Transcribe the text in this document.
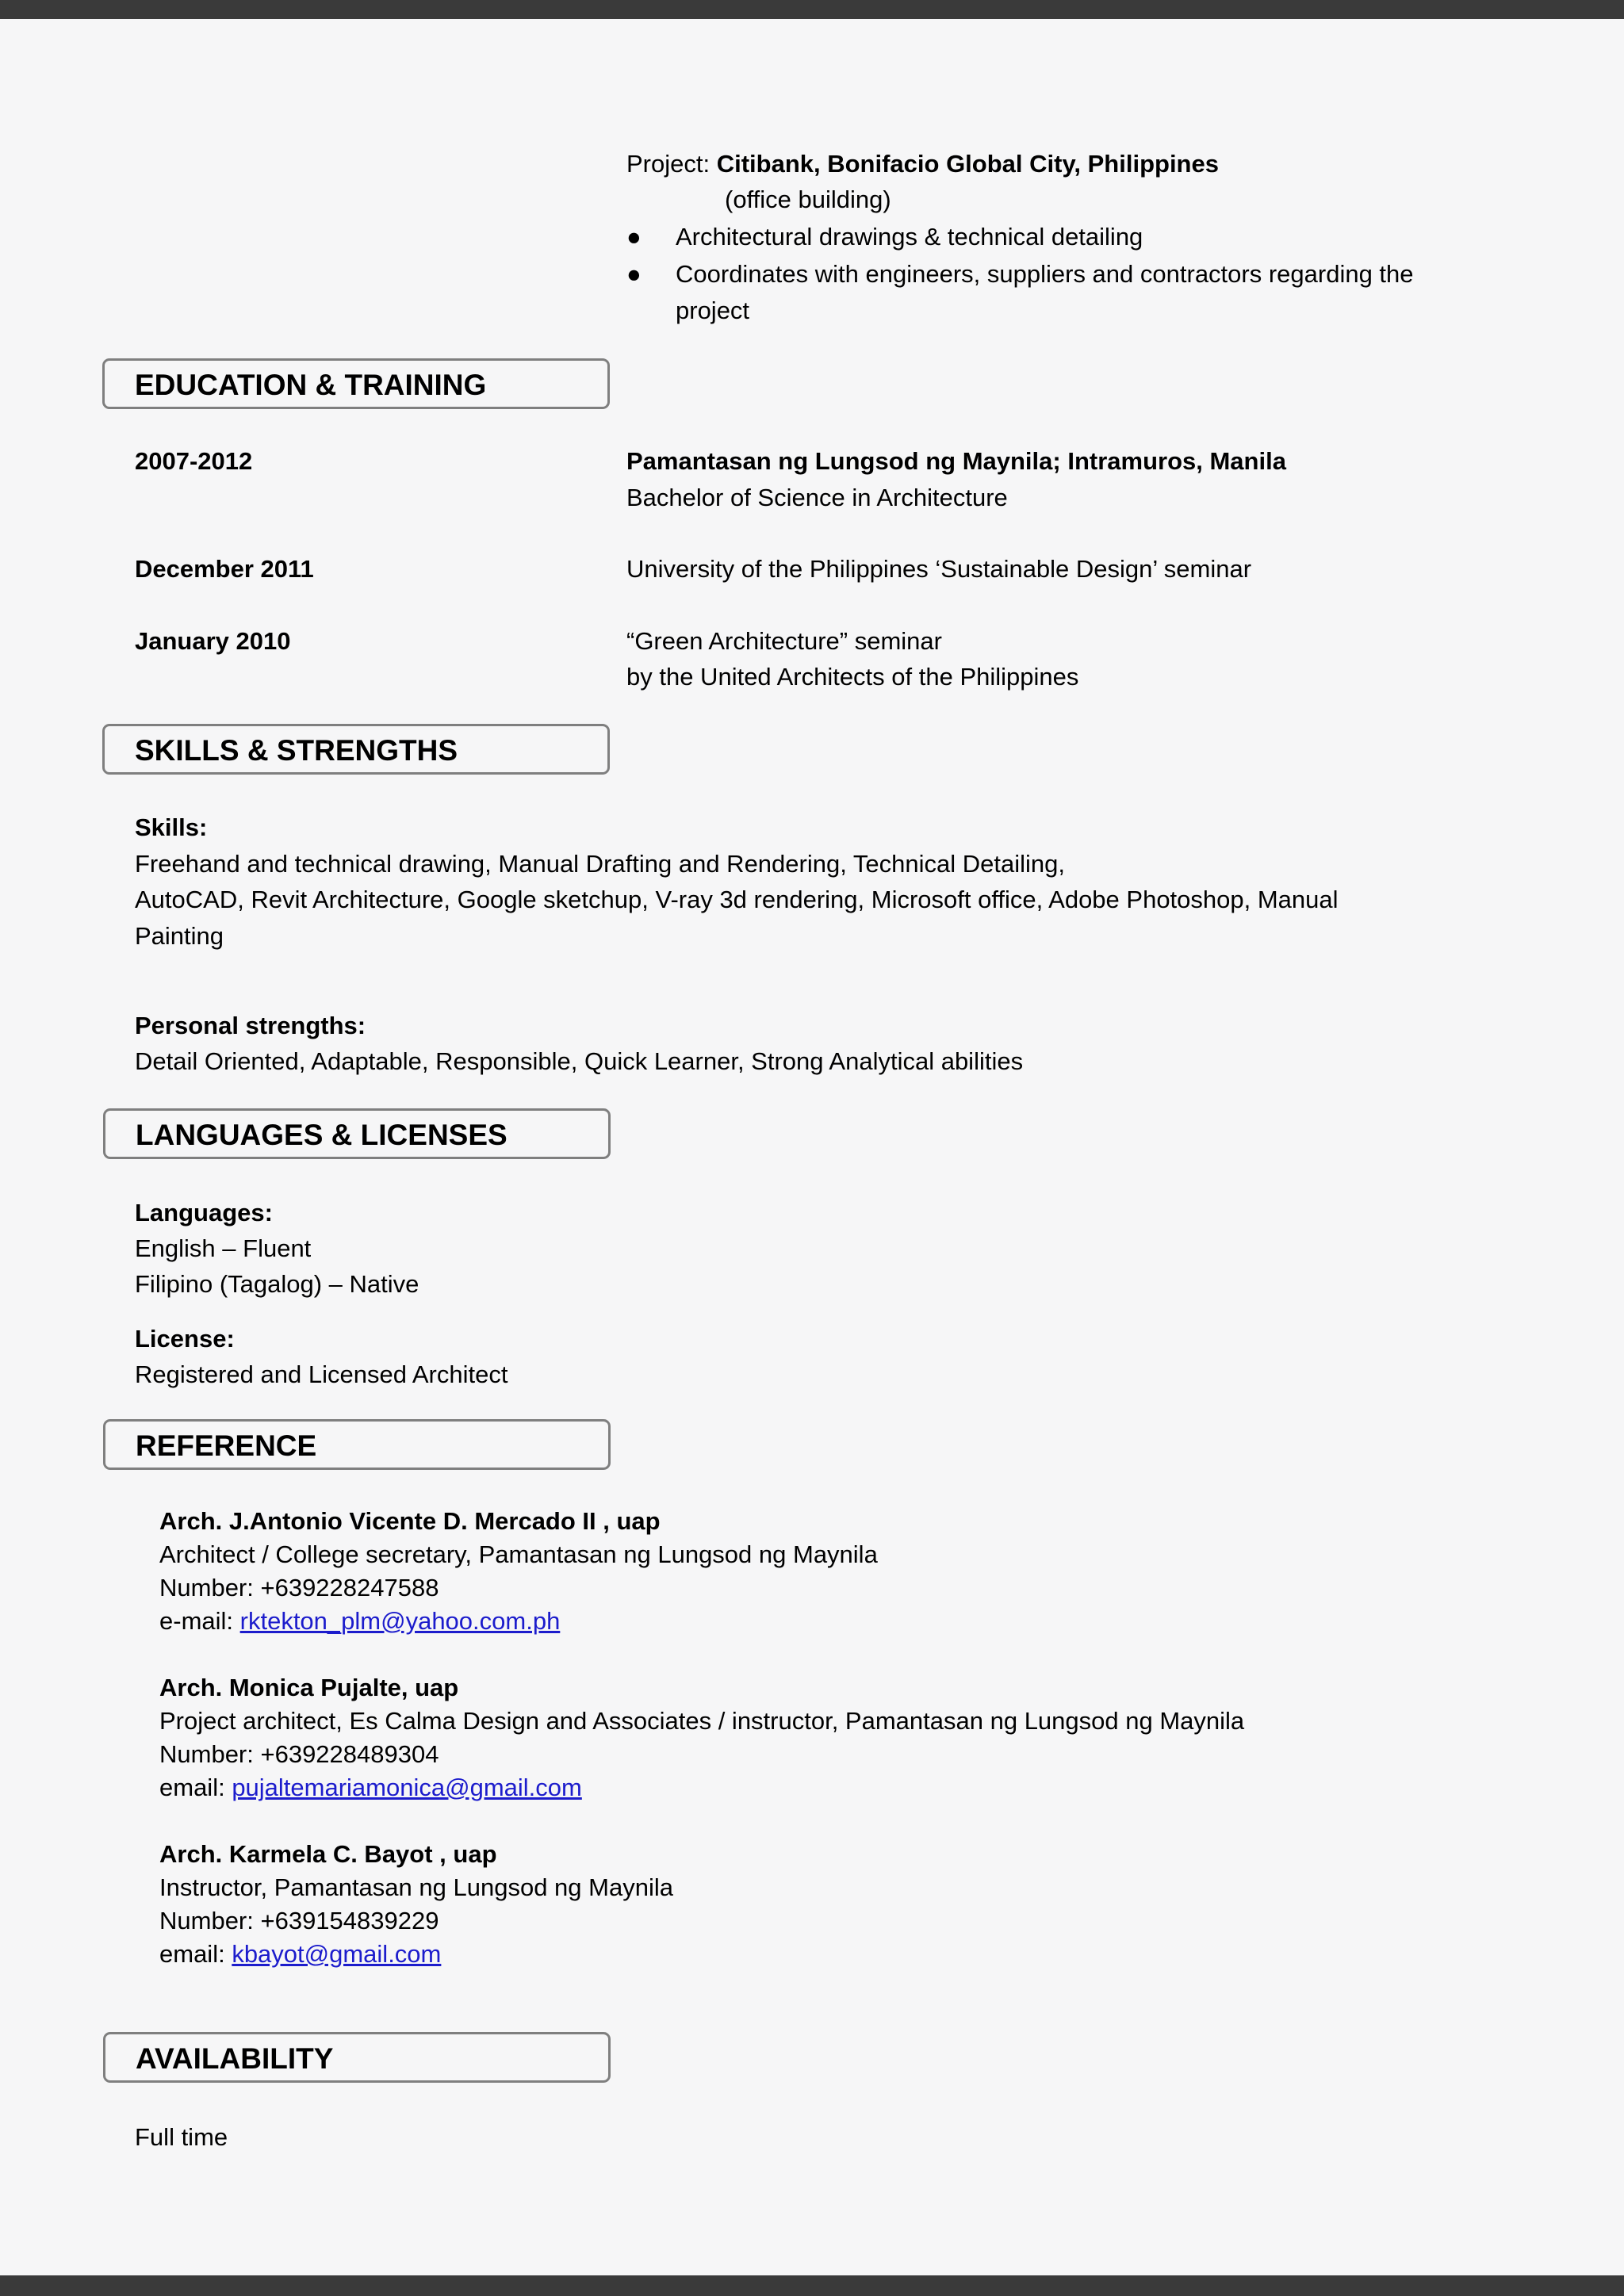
Project: Citibank, Bonifacio Global City, Philippines
(office building)
● Architectural drawings & technical detailing
● Coordinates with engineers, suppliers and contractors regarding the
project
EDUCATION & TRAINING
2007-2012	Pamantasan ng Lungsod ng Maynila; Intramuros, Manila
Bachelor of Science in Architecture
December 2011	University of the Philippines ‘Sustainable Design’ seminar
January 2010	“Green Architecture” seminar
by the United Architects of the Philippines
SKILLS & STRENGTHS
Skills:
Freehand and technical drawing, Manual Drafting and Rendering, Technical Detailing,
AutoCAD, Revit Architecture, Google sketchup, V-ray 3d rendering, Microsoft office, Adobe Photoshop, Manual
Painting
Personal strengths:
Detail Oriented, Adaptable, Responsible, Quick Learner, Strong Analytical abilities
LANGUAGES & LICENSES
Languages:
English – Fluent
Filipino (Tagalog) – Native
License:
Registered and Licensed Architect
REFERENCE
Arch. J.Antonio Vicente D. Mercado II , uap
Architect / College secretary, Pamantasan ng Lungsod ng Maynila
Number: +639228247588
e-mail: rktekton_plm@yahoo.com.ph
Arch. Monica Pujalte, uap
Project architect, Es Calma Design and Associates / instructor, Pamantasan ng Lungsod ng Maynila
Number: +639228489304
email: pujaltemariamonica@gmail.com
Arch. Karmela C. Bayot , uap
Instructor, Pamantasan ng Lungsod ng Maynila
Number: +639154839229
email: kbayot@gmail.com
AVAILABILITY
Full time
